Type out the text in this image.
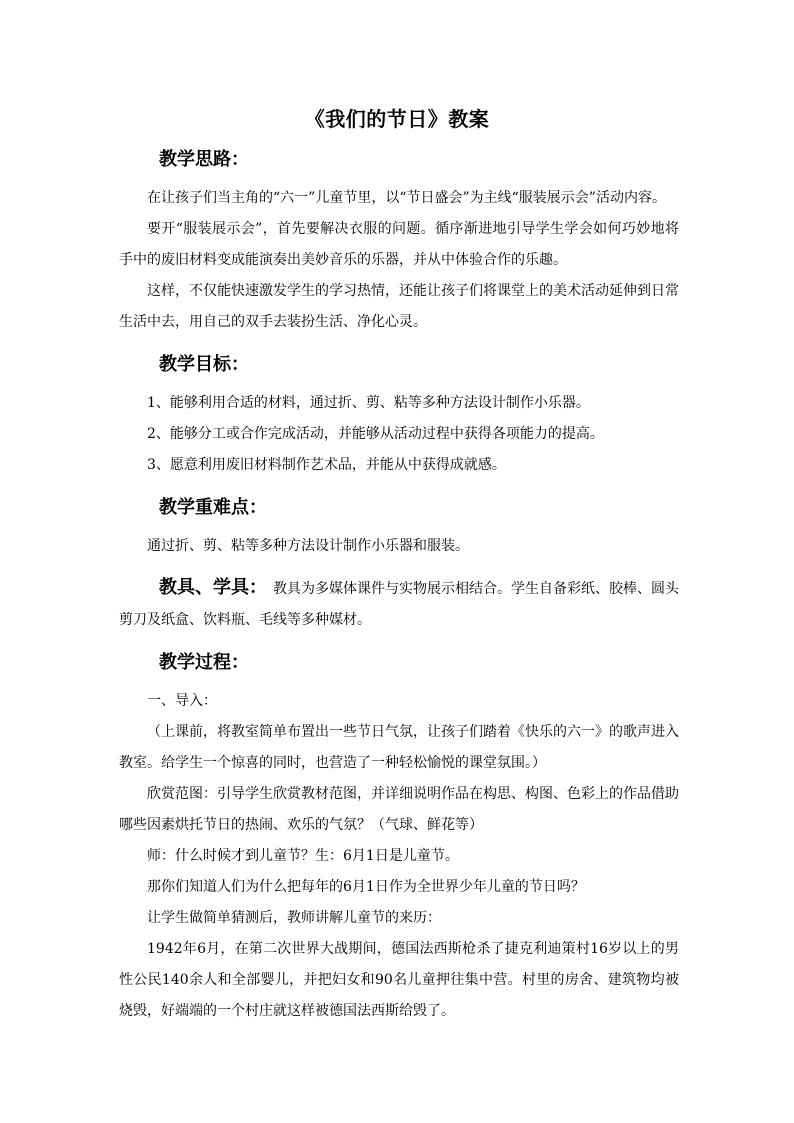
《我们的节日》教案
教学思路：

在让孩子们当主角的“六一”儿童节里，以“节日盛会”为主线“服装展示会”活动内容。

要开“服装展示会”，首先要解决衣服的问题。循序渐进地引导学生学会如何巧妙地将手中的废旧材料变成能演奏出美妙音乐的乐器，并从中体验合作的乐趣。

这样，不仅能快速激发学生的学习热情，还能让孩子们将课堂上的美术活动延伸到日常生活中去，用自己的双手去装扮生活、净化心灵。

教学目标：

1、能够利用合适的材料，通过折、剪、粘等多种方法设计制作小乐器。

2、能够分工或合作完成活动，并能够从活动过程中获得各项能力的提高。

3、愿意利用废旧材料制作艺术品，并能从中获得成就感。

教学重难点：

通过折、剪、粘等多种方法设计制作小乐器和服装。

教具、学具： 教具为多媒体课件与实物展示相结合。学生自备彩纸、胶棒、圆头剪刀及纸盒、饮料瓶、毛线等多种媒材。

教学过程：

一、导入：

（上课前，将教室简单布置出一些节日气氛，让孩子们踏着《快乐的六一》的歌声进入教室。给学生一个惊喜的同时，也营造了一种轻松愉悦的课堂氛围。）

欣赏范图：引导学生欣赏教材范图，并详细说明作品在构思、构图、色彩上的作品借助哪些因素烘托节日的热闹、欢乐的气氛？（气球、鲜花等）

师：什么时候才到儿童节？生：6月1日是儿童节。

那你们知道人们为什么把每年的6月1日作为全世界少年儿童的节日吗？

让学生做简单猜测后，教师讲解儿童节的来历：

1942年6月，在第二次世界大战期间，德国法西斯枪杀了捷克利迪策村16岁以上的男性公民140余人和全部婴儿，并把妇女和90名儿童押往集中营。村里的房舍、建筑物均被烧毁，好端端的一个村庄就这样被德国法西斯给毁了。
